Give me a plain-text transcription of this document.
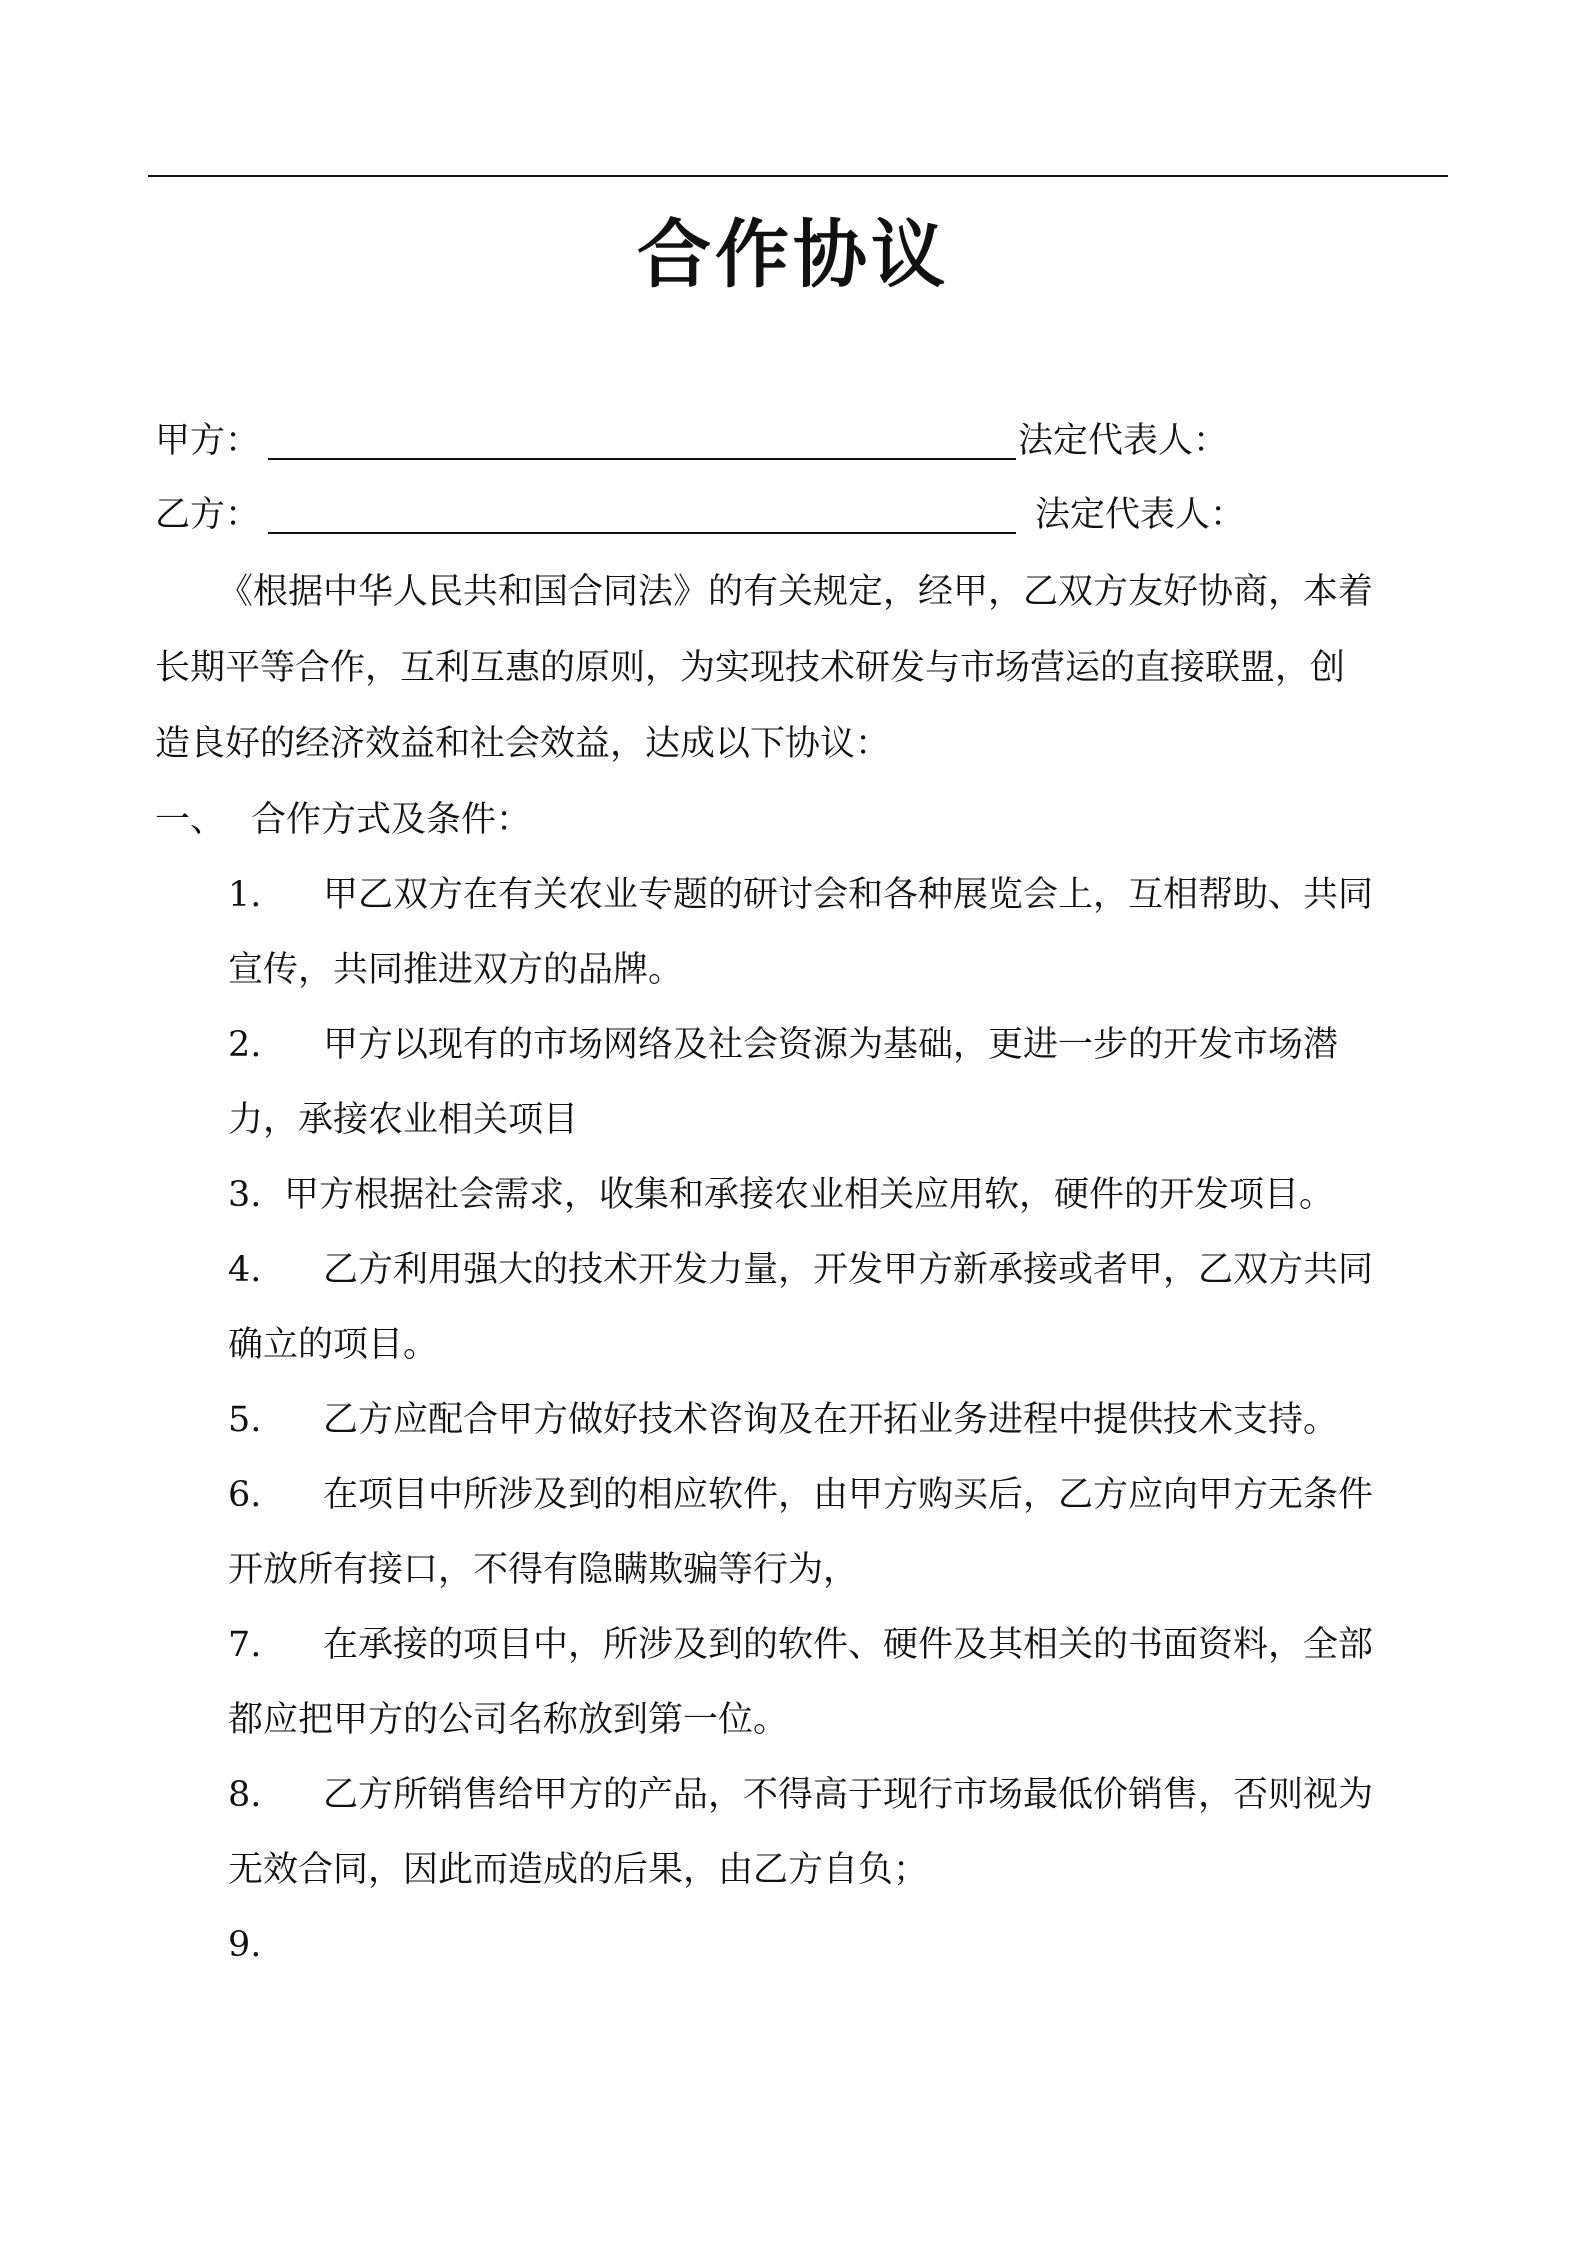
合作协议
甲方：	法定代表人：
乙方：	法定代表人：
《根据中华人民共和国合同法》的有关规定，经甲，乙双方友好协商，本着
长期平等合作，互利互惠的原则，为实现技术研发与市场营运的直接联盟，创
造良好的经济效益和社会效益，达成以下协议：
一、 合作方式及条件：
1. 甲乙双方在有关农业专题的研讨会和各种展览会上，互相帮助、共同
宣传，共同推进双方的品牌。
2. 甲方以现有的市场网络及社会资源为基础，更进一步的开发市场潜
力，承接农业相关项目
3. 甲方根据社会需求，收集和承接农业相关应用软，硬件的开发项目。
4. 乙方利用强大的技术开发力量，开发甲方新承接或者甲，乙双方共同
确立的项目。
5. 乙方应配合甲方做好技术咨询及在开拓业务进程中提供技术支持。
6. 在项目中所涉及到的相应软件，由甲方购买后，乙方应向甲方无条件
开放所有接口，不得有隐瞒欺骗等行为，
7. 在承接的项目中，所涉及到的软件、硬件及其相关的书面资料，全部
都应把甲方的公司名称放到第一位。
8. 乙方所销售给甲方的产品，不得高于现行市场最低价销售，否则视为
无效合同，因此而造成的后果，由乙方自负；
9.
